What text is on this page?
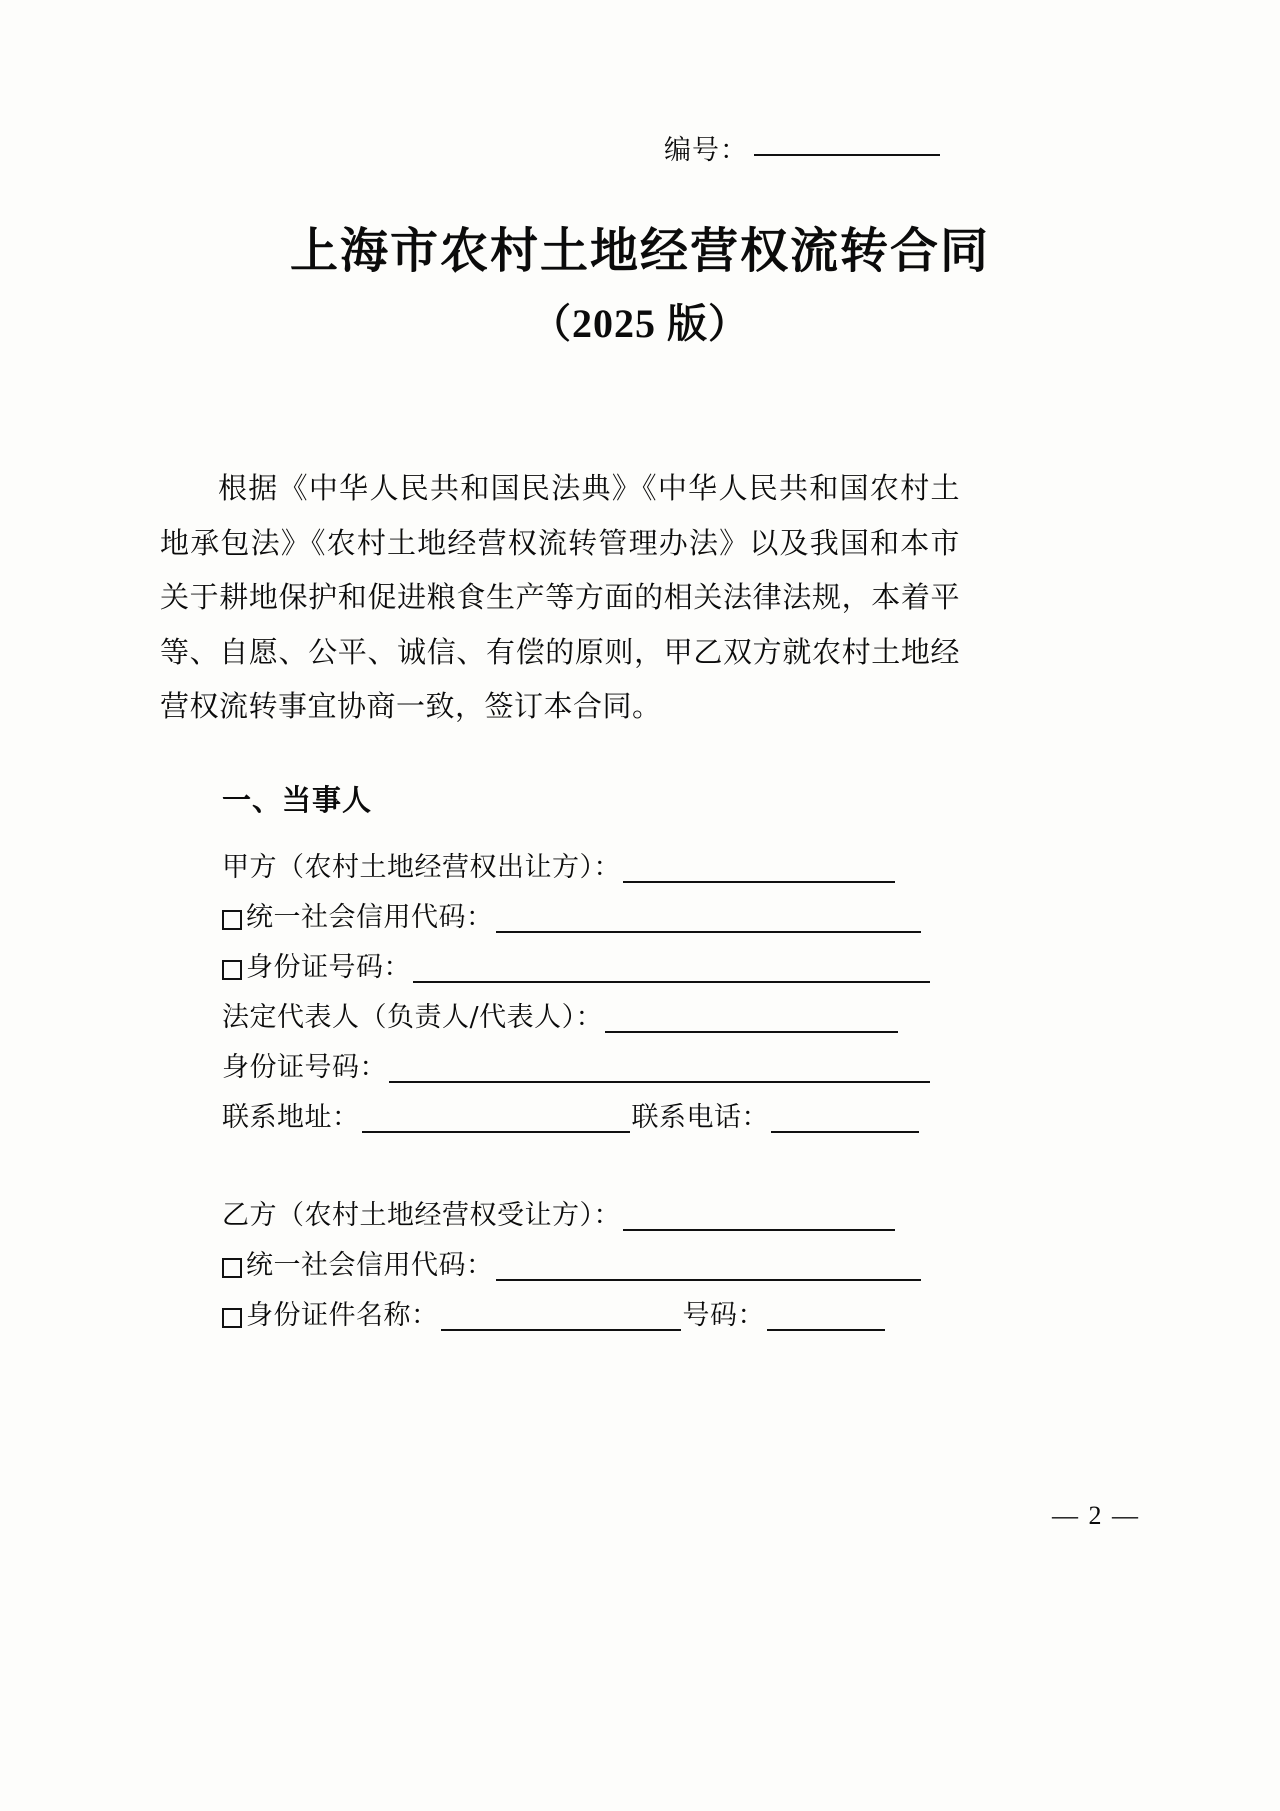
编号：
上海市农村土地经营权流转合同
（2025 版）

根据《中华人民共和国民法典》《中华人民共和国农村土地承包法》《农村土地经营权流转管理办法》以及我国和本市关于耕地保护和促进粮食生产等方面的相关法律法规，本着平等、自愿、公平、诚信、有偿的原则，甲乙双方就农村土地经营权流转事宜协商一致，签订本合同。

一、当事人
甲方（农村土地经营权出让方）：
统一社会信用代码：
身份证号码：
法定代表人（负责人/代表人）：
身份证号码：
联系地址：	联系电话：
乙方（农村土地经营权受让方）：
统一社会信用代码：
身份证件名称：	号码：
— 2 —
